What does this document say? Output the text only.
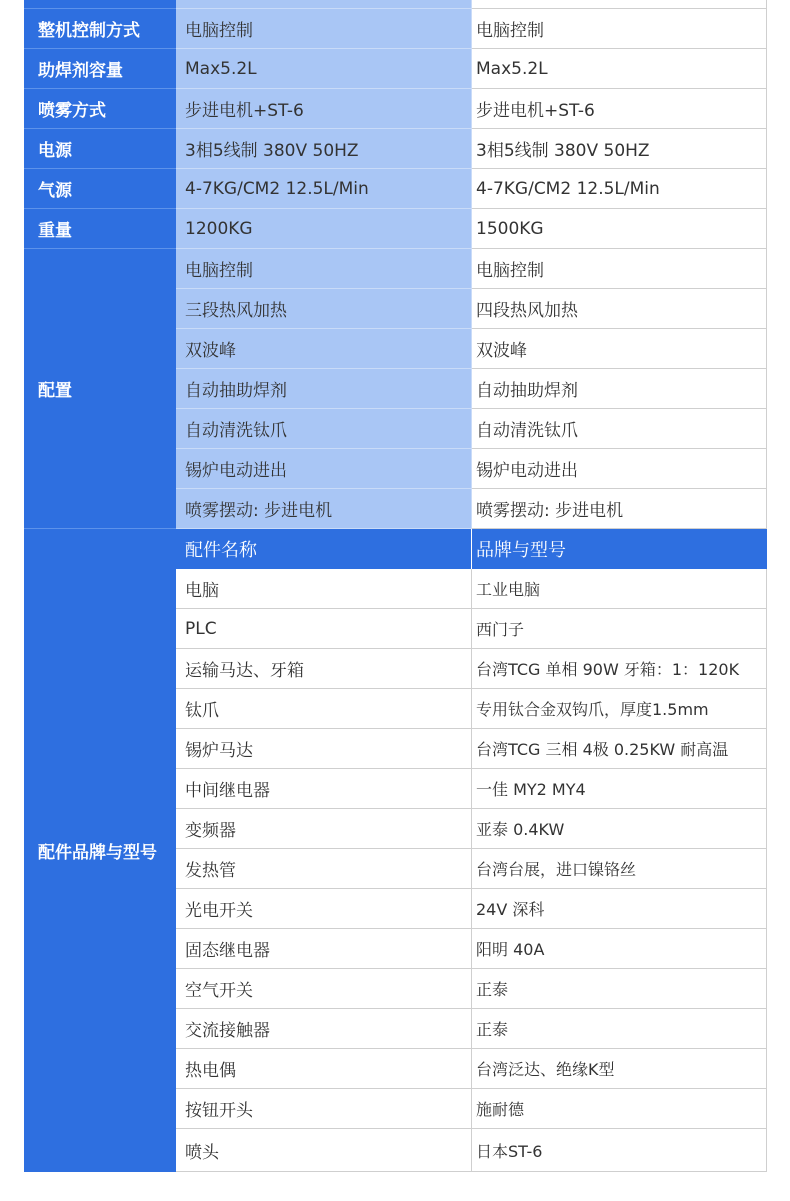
整机控制方式	电脑控制	电脑控制
助焊剂容量	Max5.2L	Max5.2L
喷雾方式	步进电机+ST-6	步进电机+ST-6
电源	3相5线制 380V 50HZ	3相5线制 380V 50HZ
气源	4-7KG/CM2 12.5L/Min	4-7KG/CM2 12.5L/Min
重量	1200KG	1500KG
配置
电脑控制	电脑控制
三段热风加热	四段热风加热
双波峰	双波峰
自动抽助焊剂	自动抽助焊剂
自动清洗钛爪	自动清洗钛爪
锡炉电动进出	锡炉电动进出
喷雾摆动: 步进电机	喷雾摆动: 步进电机
配件品牌与型号
配件名称	品牌与型号
电脑	工业电脑
PLC	西门子
运输马达、牙箱	台湾TCG 单相 90W 牙箱：1：120K
钛爪	专用钛合金双钩爪，厚度1.5mm
锡炉马达	台湾TCG 三相 4极 0.25KW 耐高温
中间继电器	一佳 MY2 MY4
变频器	亚泰 0.4KW
发热管	台湾台展，进口镍铬丝
光电开关	24V 深科
固态继电器	阳明 40A
空气开关	正泰
交流接触器	正泰
热电偶	台湾泛达、绝缘K型
按钮开头	施耐德
喷头	日本ST-6
